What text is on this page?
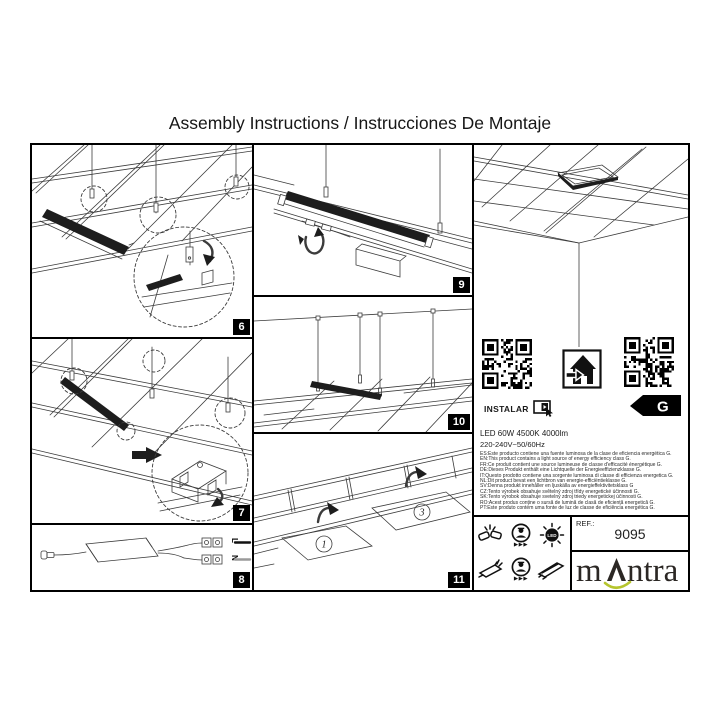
Assembly Instructions / Instrucciones De Montaje
6
7
L
N
8
9
10
1
3
11
INSTALAR	G
LED 60W 4500K 4000lm
220-240V~50/60Hz
ES:Este producto contiene una fuente luminosa de la clase de eficiencia energética G.
EN:This product contains a light source of energy efficiency class G.
FR:Ce produit contient une source lumineuse de classe d'efficacité énergétique G.
DE:Dieses Produkt enthält eine Lichtquelle der Energieeffizienzklasse G.
IT:Questo prodotto contiene una sorgente luminosa di classe di efficienza energetica G.
NL:Dit product bevat een lichtbron van energie-efficiëntieklasse G.
SV:Denna produkt innehåller en ljuskälla av energieffektivitetsklass G
CZ:Tento výrobek obsahuje světelný zdroj třídy energetické účinnosti G.
SK:Tento výrobok obsahuje svetelný zdroj triedy energetickej účinnosti G.
RO:Acest produs conține o sursă de lumină de clasă de eficiență energetică G.
PT:Este produto contém uma fonte de luz de classe de eficiência energética G.
▶▶▶
LED
▶▶▶
REF.:
9095
m ntra
